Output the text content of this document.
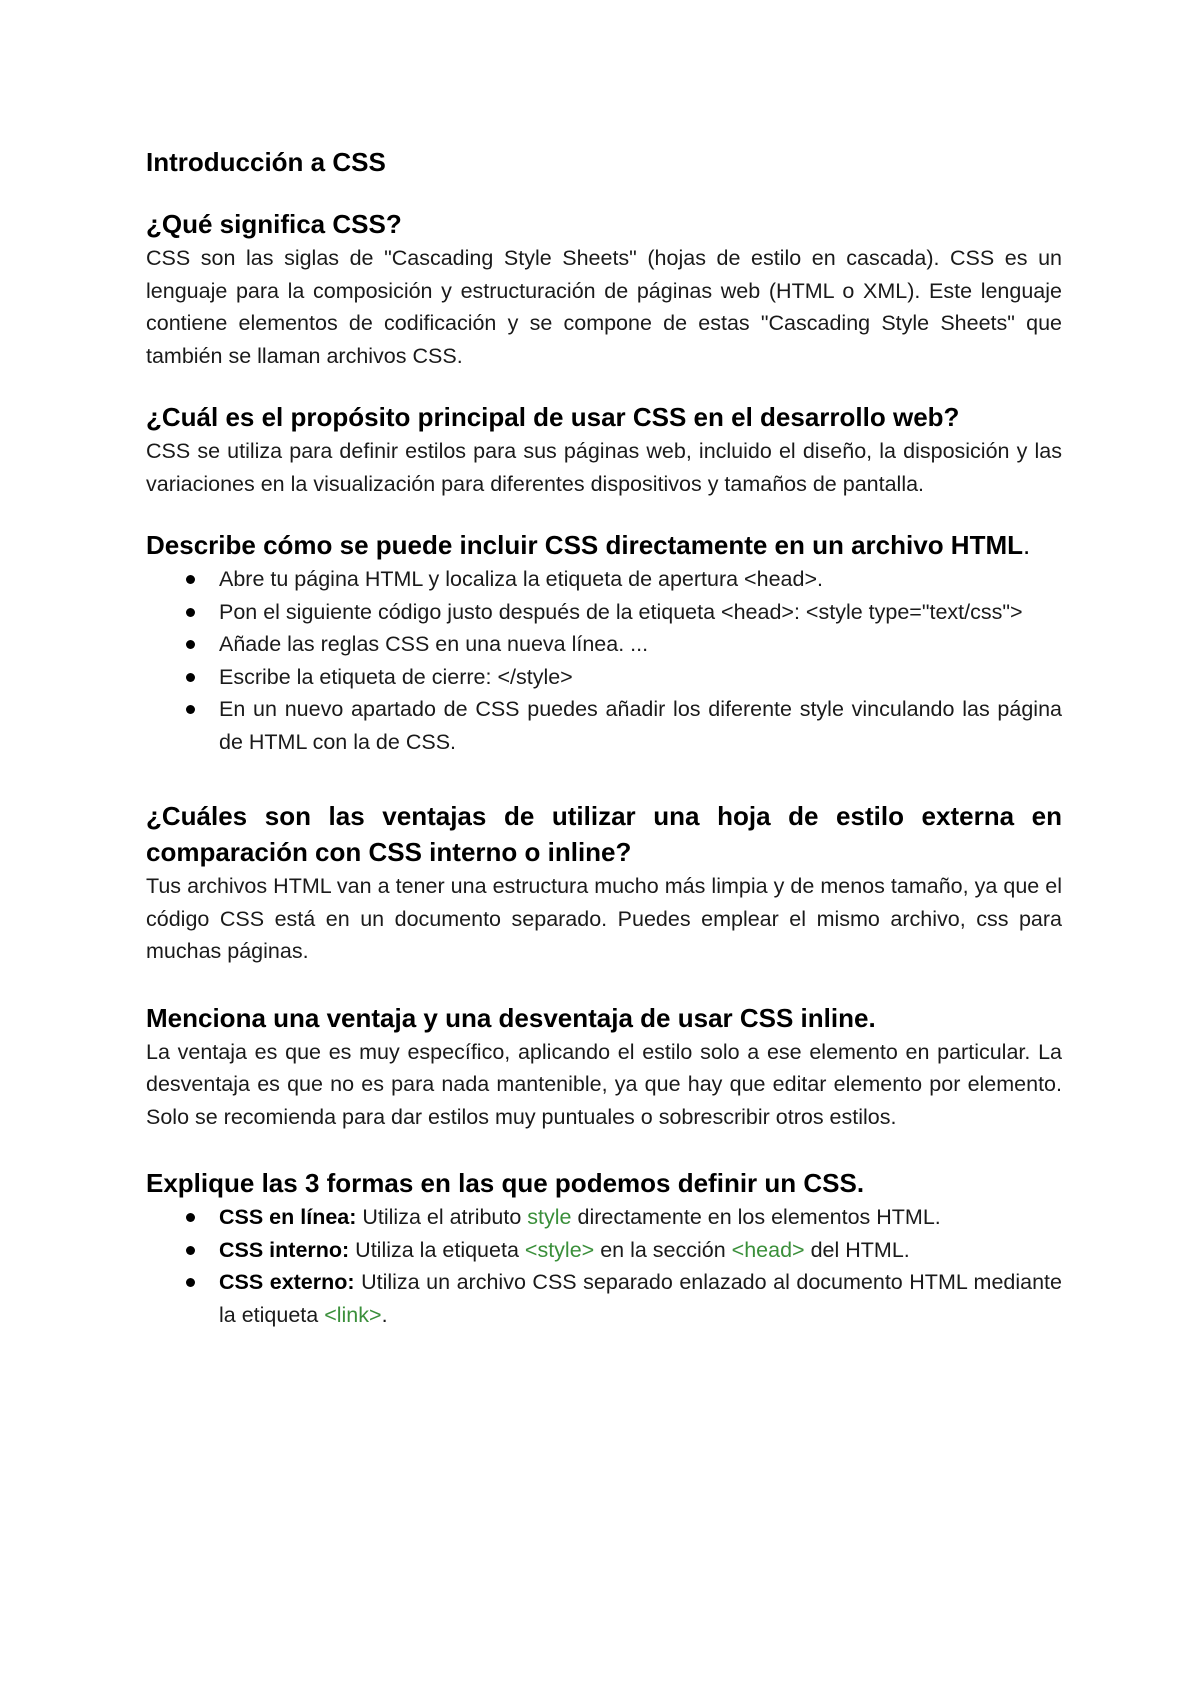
Introducción a CSS
¿Qué significa CSS?

CSS son las siglas de "Cascading Style Sheets" (hojas de estilo en cascada). CSS es un lenguaje para la composición y estructuración de páginas web (HTML o XML). Este lenguaje contiene elementos de codificación y se compone de estas "Cascading Style Sheets" que también se llaman archivos CSS.

¿Cuál es el propósito principal de usar CSS en el desarrollo web?

CSS se utiliza para definir estilos para sus páginas web, incluido el diseño, la disposición y las variaciones en la visualización para diferentes dispositivos y tamaños de pantalla.

Describe cómo se puede incluir CSS directamente en un archivo HTML.
Abre tu página HTML y localiza la etiqueta de apertura <head>.
Pon el siguiente código justo después de la etiqueta <head>: <style type="text/css">
Añade las reglas CSS en una nueva línea. ...
Escribe la etiqueta de cierre: </style>
En un nuevo apartado de CSS puedes añadir los diferente style vinculando las página de HTML con la de CSS.
¿Cuáles son las ventajas de utilizar una hoja de estilo externa en comparación con CSS interno o inline?

Tus archivos HTML van a tener una estructura mucho más limpia y de menos tamaño, ya que el código CSS está en un documento separado. Puedes emplear el mismo archivo, css para muchas páginas.

Menciona una ventaja y una desventaja de usar CSS inline.

La ventaja es que es muy específico, aplicando el estilo solo a ese elemento en particular. La desventaja es que no es para nada mantenible, ya que hay que editar elemento por elemento. Solo se recomienda para dar estilos muy puntuales o sobrescribir otros estilos.

Explique las 3 formas en las que podemos definir un CSS.
CSS en línea: Utiliza el atributo style directamente en los elementos HTML.
CSS interno: Utiliza la etiqueta <style> en la sección <head> del HTML.
CSS externo: Utiliza un archivo CSS separado enlazado al documento HTML mediante la etiqueta <link>.
